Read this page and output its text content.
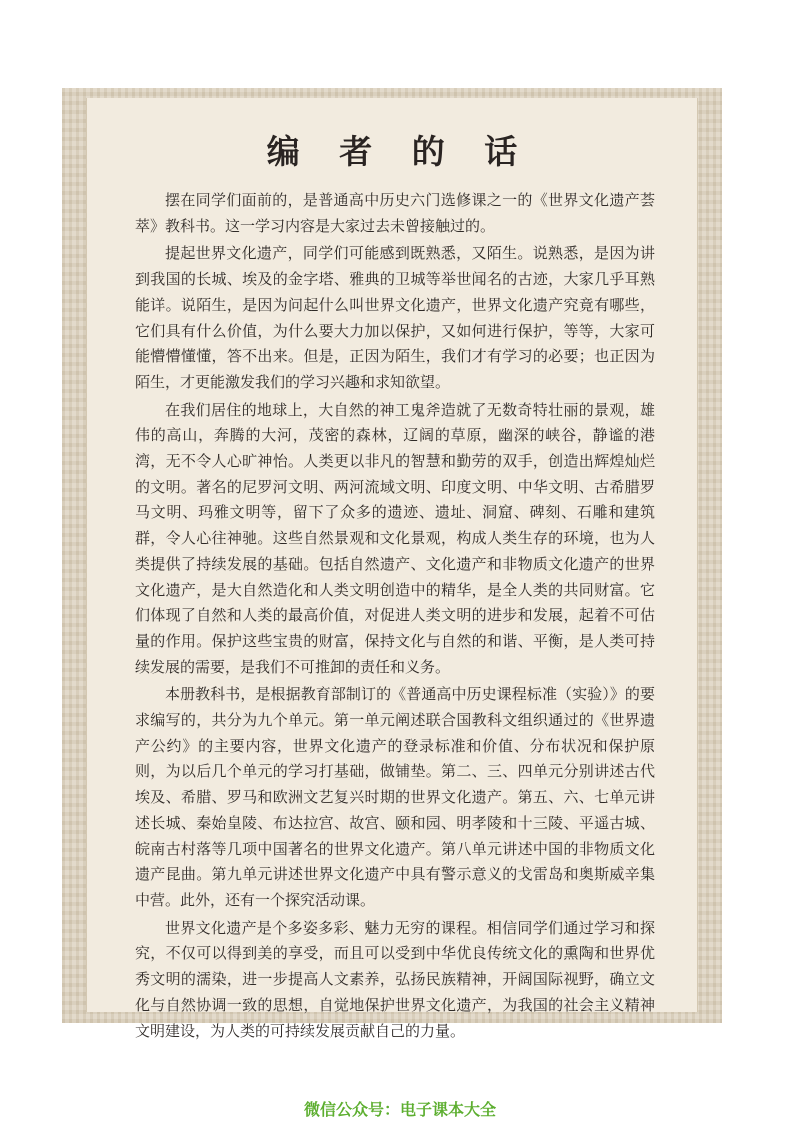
编 者 的 话

摆在同学们面前的，是普通高中历史六门选修课之一的《世界文化遗产荟萃》教科书。这一学习内容是大家过去未曾接触过的。

提起世界文化遗产，同学们可能感到既熟悉，又陌生。说熟悉，是因为讲到我国的长城、埃及的金字塔、雅典的卫城等举世闻名的古迹，大家几乎耳熟能详。说陌生，是因为问起什么叫世界文化遗产，世界文化遗产究竟有哪些，它们具有什么价值，为什么要大力加以保护，又如何进行保护，等等，大家可能懵懵懂懂，答不出来。但是，正因为陌生，我们才有学习的必要；也正因为陌生，才更能激发我们的学习兴趣和求知欲望。

在我们居住的地球上，大自然的神工鬼斧造就了无数奇特壮丽的景观，雄伟的高山，奔腾的大河，茂密的森林，辽阔的草原，幽深的峡谷，静谧的港湾，无不令人心旷神怡。人类更以非凡的智慧和勤劳的双手，创造出辉煌灿烂的文明。著名的尼罗河文明、两河流域文明、印度文明、中华文明、古希腊罗马文明、玛雅文明等，留下了众多的遗迹、遗址、洞窟、碑刻、石雕和建筑群，令人心往神驰。这些自然景观和文化景观，构成人类生存的环境，也为人类提供了持续发展的基础。包括自然遗产、文化遗产和非物质文化遗产的世界文化遗产，是大自然造化和人类文明创造中的精华，是全人类的共同财富。它们体现了自然和人类的最高价值，对促进人类文明的进步和发展，起着不可估量的作用。保护这些宝贵的财富，保持文化与自然的和谐、平衡，是人类可持续发展的需要，是我们不可推卸的责任和义务。

本册教科书，是根据教育部制订的《普通高中历史课程标准（实验）》的要求编写的，共分为九个单元。第一单元阐述联合国教科文组织通过的《世界遗产公约》的主要内容，世界文化遗产的登录标准和价值、分布状况和保护原则，为以后几个单元的学习打基础，做铺垫。第二、三、四单元分别讲述古代埃及、希腊、罗马和欧洲文艺复兴时期的世界文化遗产。第五、六、七单元讲述长城、秦始皇陵、布达拉宫、故宫、颐和园、明孝陵和十三陵、平遥古城、皖南古村落等几项中国著名的世界文化遗产。第八单元讲述中国的非物质文化遗产昆曲。第九单元讲述世界文化遗产中具有警示意义的戈雷岛和奥斯威辛集中营。此外，还有一个探究活动课。

世界文化遗产是个多姿多彩、魅力无穷的课程。相信同学们通过学习和探究，不仅可以得到美的享受，而且可以受到中华优良传统文化的熏陶和世界优秀文明的濡染，进一步提高人文素养，弘扬民族精神，开阔国际视野，确立文化与自然协调一致的思想，自觉地保护世界文化遗产，为我国的社会主义精神文明建设，为人类的可持续发展贡献自己的力量。

微信公众号：电子课本大全
